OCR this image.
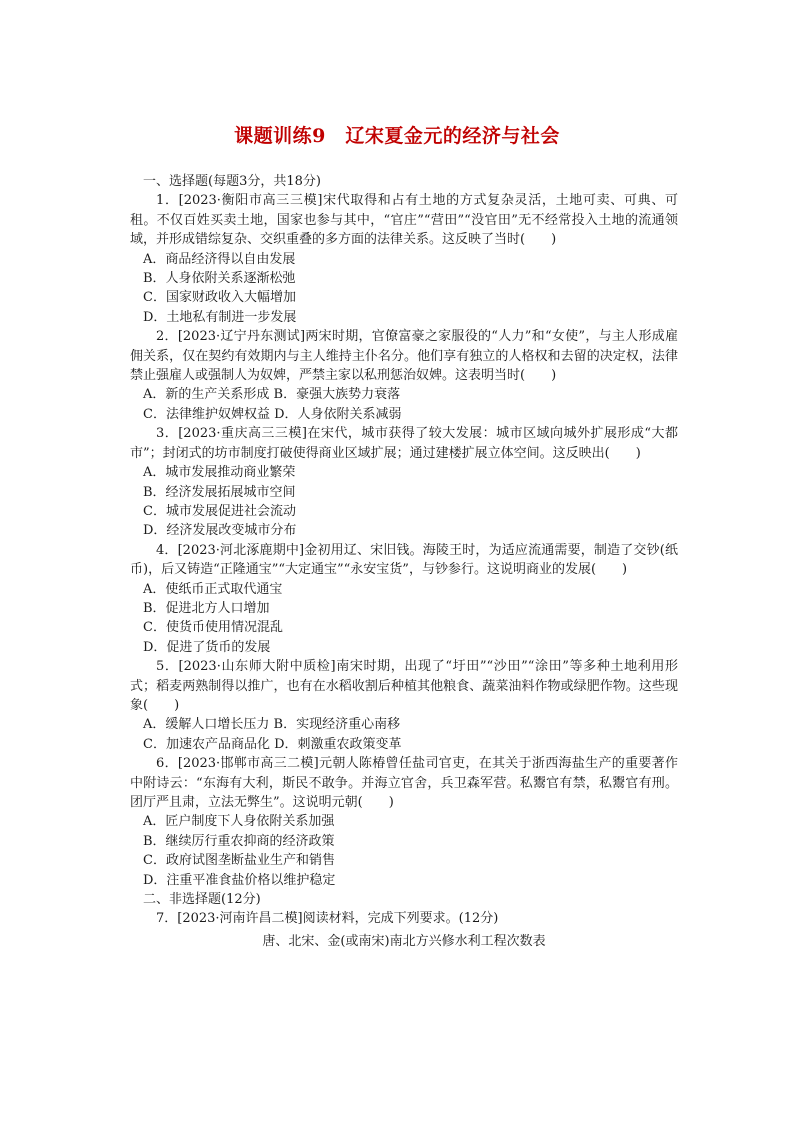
课题训练9　辽宋夏金元的经济与社会

一、选择题(每题3分，共18分)

1．[2023·衡阳市高三三模]宋代取得和占有土地的方式复杂灵活，土地可卖、可典、可租。不仅百姓买卖土地，国家也参与其中，“官庄”“营田”“没官田”无不经常投入土地的流通领域，并形成错综复杂、交织重叠的多方面的法律关系。这反映了当时(　　)

A．商品经济得以自由发展

B．人身依附关系逐渐松弛

C．国家财政收入大幅增加

D．土地私有制进一步发展

2．[2023·辽宁丹东测试]两宋时期，官僚富豪之家服役的“人力”和“女使”，与主人形成雇佣关系，仅在契约有效期内与主人维持主仆名分。他们享有独立的人格权和去留的决定权，法律禁止强雇人或强制人为奴婢，严禁主家以私刑惩治奴婢。这表明当时(　　)

A．新的生产关系形成 B．豪强大族势力衰落

C．法律维护奴婢权益 D．人身依附关系减弱

3．[2023·重庆高三三模]在宋代，城市获得了较大发展：城市区域向城外扩展形成“大都市”；封闭式的坊市制度打破使得商业区域扩展；通过建楼扩展立体空间。这反映出(　　)

A．城市发展推动商业繁荣

B．经济发展拓展城市空间

C．城市发展促进社会流动

D．经济发展改变城市分布

4．[2023·河北涿鹿期中]金初用辽、宋旧钱。海陵王时，为适应流通需要，制造了交钞(纸币)，后又铸造“正隆通宝”“大定通宝”“永安宝货”，与钞参行。这说明商业的发展(　　)

A．使纸币正式取代通宝

B．促进北方人口增加

C．使货币使用情况混乱

D．促进了货币的发展

5．[2023·山东师大附中质检]南宋时期，出现了“圩田”“沙田”“涂田”等多种土地利用形式；稻麦两熟制得以推广，也有在水稻收割后种植其他粮食、蔬菜油料作物或绿肥作物。这些现象(　　)

A．缓解人口增长压力 B．实现经济重心南移

C．加速农产品商品化 D．刺激重农政策变革

6．[2023·邯郸市高三二模]元朝人陈椿曾任盐司官吏，在其关于浙西海盐生产的重要著作中附诗云：“东海有大利，斯民不敢争。并海立官舍，兵卫森军营。私鬻官有禁，私鬻官有刑。团厅严且肃，立法无弊生”。这说明元朝(　　)

A．匠户制度下人身依附关系加强

B．继续厉行重农抑商的经济政策

C．政府试图垄断盐业生产和销售

D．注重平准食盐价格以维护稳定

二、非选择题(12分)

7．[2023·河南许昌二模]阅读材料，完成下列要求。(12分)

唐、北宋、金(或南宋)南北方兴修水利工程次数表
